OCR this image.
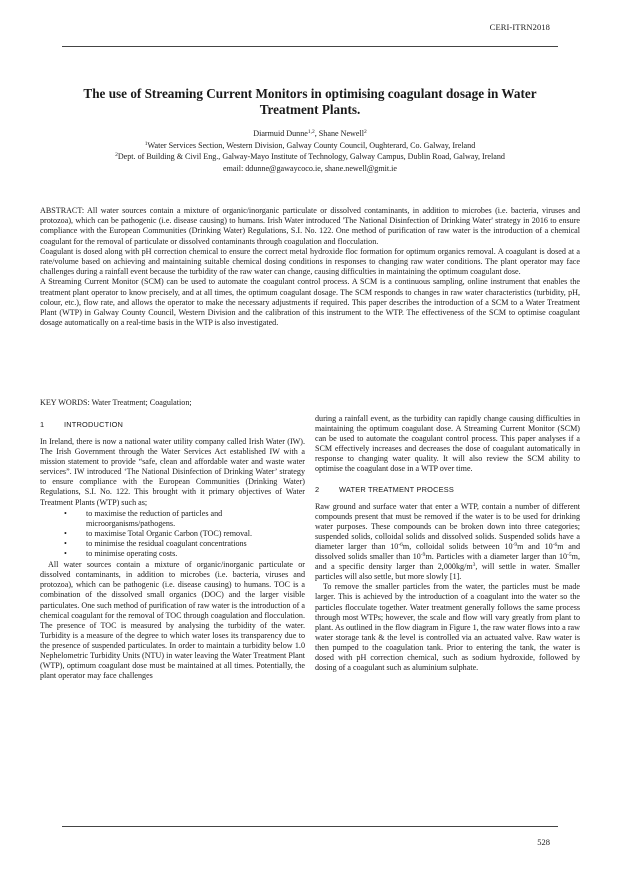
CERI-ITRN2018
The use of Streaming Current Monitors in optimising coagulant dosage in Water Treatment Plants.
Diarmuid Dunne$^{1,2}$, Shane Newell$^2$
$^1$Water Services Section, Western Division, Galway County Council, Oughterard, Co. Galway, Ireland
$^2$Dept. of Building & Civil Eng., Galway-Mayo Institute of Technology, Galway Campus, Dublin Road, Galway, Ireland
email: ddunne@gawaycoco.ie, shane.newell@gmit.ie

ABSTRACT: All water sources contain a mixture of organic/inorganic particulate or dissolved contaminants, in addition to microbes (i.e. bacteria, viruses and protozoa), which can be pathogenic (i.e. disease causing) to humans. Irish Water introduced 'The National Disinfection of Drinking Water' strategy in 2016 to ensure compliance with the European Communities (Drinking Water) Regulations, S.I. No. 122. One method of purification of raw water is the introduction of a chemical coagulant for the removal of particulate or dissolved contaminants through coagulation and flocculation.

Coagulant is dosed along with pH correction chemical to ensure the correct metal hydroxide floc formation for optimum organics removal. A coagulant is dosed at a rate/volume based on achieving and maintaining suitable chemical dosing conditions in responses to changing raw water conditions. The plant operator may face challenges during a rainfall event because the turbidity of the raw water can change, causing difficulties in maintaining the optimum coagulant dose.

A Streaming Current Monitor (SCM) can be used to automate the coagulant control process. A SCM is a continuous sampling, online instrument that enables the treatment plant operator to know precisely, and at all times, the optimum coagulant dosage. The SCM responds to changes in raw water characteristics (turbidity, pH, colour, etc.), flow rate, and allows the operator to make the necessary adjustments if required. This paper describes the introduction of a SCM to a Water Treatment Plant (WTP) in Galway County Council, Western Division and the calibration of this instrument to the WTP. The effectiveness of the SCM to optimise coagulant dosage automatically on a real-time basis in the WTP is also investigated.

KEY WORDS: Water Treatment; Coagulation;
1	INTRODUCTION

In Ireland, there is now a national water utility company called Irish Water (IW). The Irish Government through the Water Services Act established IW with a mission statement to provide “safe, clean and affordable water and waste water services”. IW introduced ‘The National Disinfection of Drinking Water’ strategy to ensure compliance with the European Communities (Drinking Water) Regulations, S.I. No. 122. This brought with it primary objectives of Water Treatment Plants (WTP) such as;

• to maximise the reduction of particles and microorganisms/pathogens.
• to maximise Total Organic Carbon (TOC) removal.
• to minimise the residual coagulant concentrations
• to minimise operating costs.

All water sources contain a mixture of organic/inorganic particulate or dissolved contaminants, in addition to microbes (i.e. bacteria, viruses and protozoa), which can be pathogenic (i.e. disease causing) to humans. TOC is a combination of the dissolved small organics (DOC) and the larger visible particulates. One such method of purification of raw water is the introduction of a chemical coagulant for the removal of TOC through coagulation and flocculation. The presence of TOC is measured by analysing the turbidity of the water. Turbidity is a measure of the degree to which water loses its transparency due to the presence of suspended particulates. In order to maintain a turbidity below 1.0 Nephelometric Turbidity Units (NTU) in water leaving the Water Treatment Plant (WTP), optimum coagulant dose must be maintained at all times. Potentially, the plant operator may face challenges

during a rainfall event, as the turbidity can rapidly change causing difficulties in maintaining the optimum coagulant dose. A Streaming Current Monitor (SCM) can be used to automate the coagulant control process. This paper analyses if a SCM effectively increases and decreases the dose of coagulant automatically in response to changing water quality. It will also review the SCM ability to optimise the coagulant dose in a WTP over time.

2	WATER TREATMENT PROCESS

Raw ground and surface water that enter a WTP, contain a number of different compounds present that must be removed if the water is to be used for drinking water purposes. These compounds can be broken down into three categories; suspended solids, colloidal solids and dissolved solids. Suspended solids have a diameter larger than $10^{-6}m$, colloidal solids between $10^{-9}m$ and $10^{-6}m$ and dissolved solids smaller than $10^{-9}m$. Particles with a diameter larger than $10^{-5}m$, and a specific density larger than $2,000kg/m^3$, will settle in water. Smaller particles will also settle, but more slowly [1].

To remove the smaller particles from the water, the particles must be made larger. This is achieved by the introduction of a coagulant into the water so the particles flocculate together. Water treatment generally follows the same process through most WTPs; however, the scale and flow will vary greatly from plant to plant. As outlined in the flow diagram in Figure 1, the raw water flows into a raw water storage tank & the level is controlled via an actuated valve. Raw water is then pumped to the coagulation tank. Prior to entering the tank, the water is dosed with pH correction chemical, such as sodium hydroxide, followed by dosing of a coagulant such as aluminium sulphate.

528
